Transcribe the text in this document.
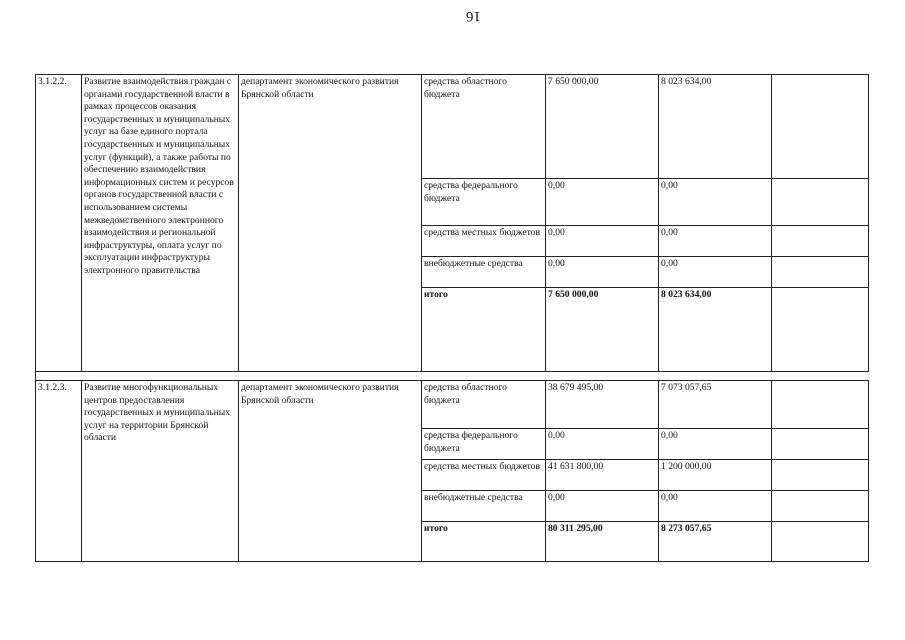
16
3.1.2.2.	Развитие взаимодействия граждан с органами государственной власти в рамках процессов оказания государственных и муниципальных услуг на базе единого портала государственных и муниципальных услуг (функций), а также работы по обеспечению взаимодействия информационных систем и ресурсов органов государственной власти с использованием системы межведомственного электронного взаимодействия и региональной инфраструктуры, оплата услуг по эксплуатации инфраструктуры электронного правительства	департамент экономического развития Брянской области	средства областного бюджета	7 650 000,00	8 023 634,00	
			средства федерального бюджета	0,00	0,00	
			средства местных бюджетов	0,00	0,00	
			внебюджетные средства	0,00	0,00	
			итого	7 650 000,00	8 023 634,00	

3.1.2.3.	Развитие многофункциональных центров предоставления государственных и муниципальных услуг на территории Брянской области	департамент экономического развития Брянской области	средства областного бюджета	38 679 495,00	7 073 057,65	
			средства федерального бюджета	0,00	0,00	
			средства местных бюджетов	41 631 800,00	1 200 000,00	
			внебюджетные средства	0,00	0,00	
			итого	80 311 295,00	8 273 057,65	
